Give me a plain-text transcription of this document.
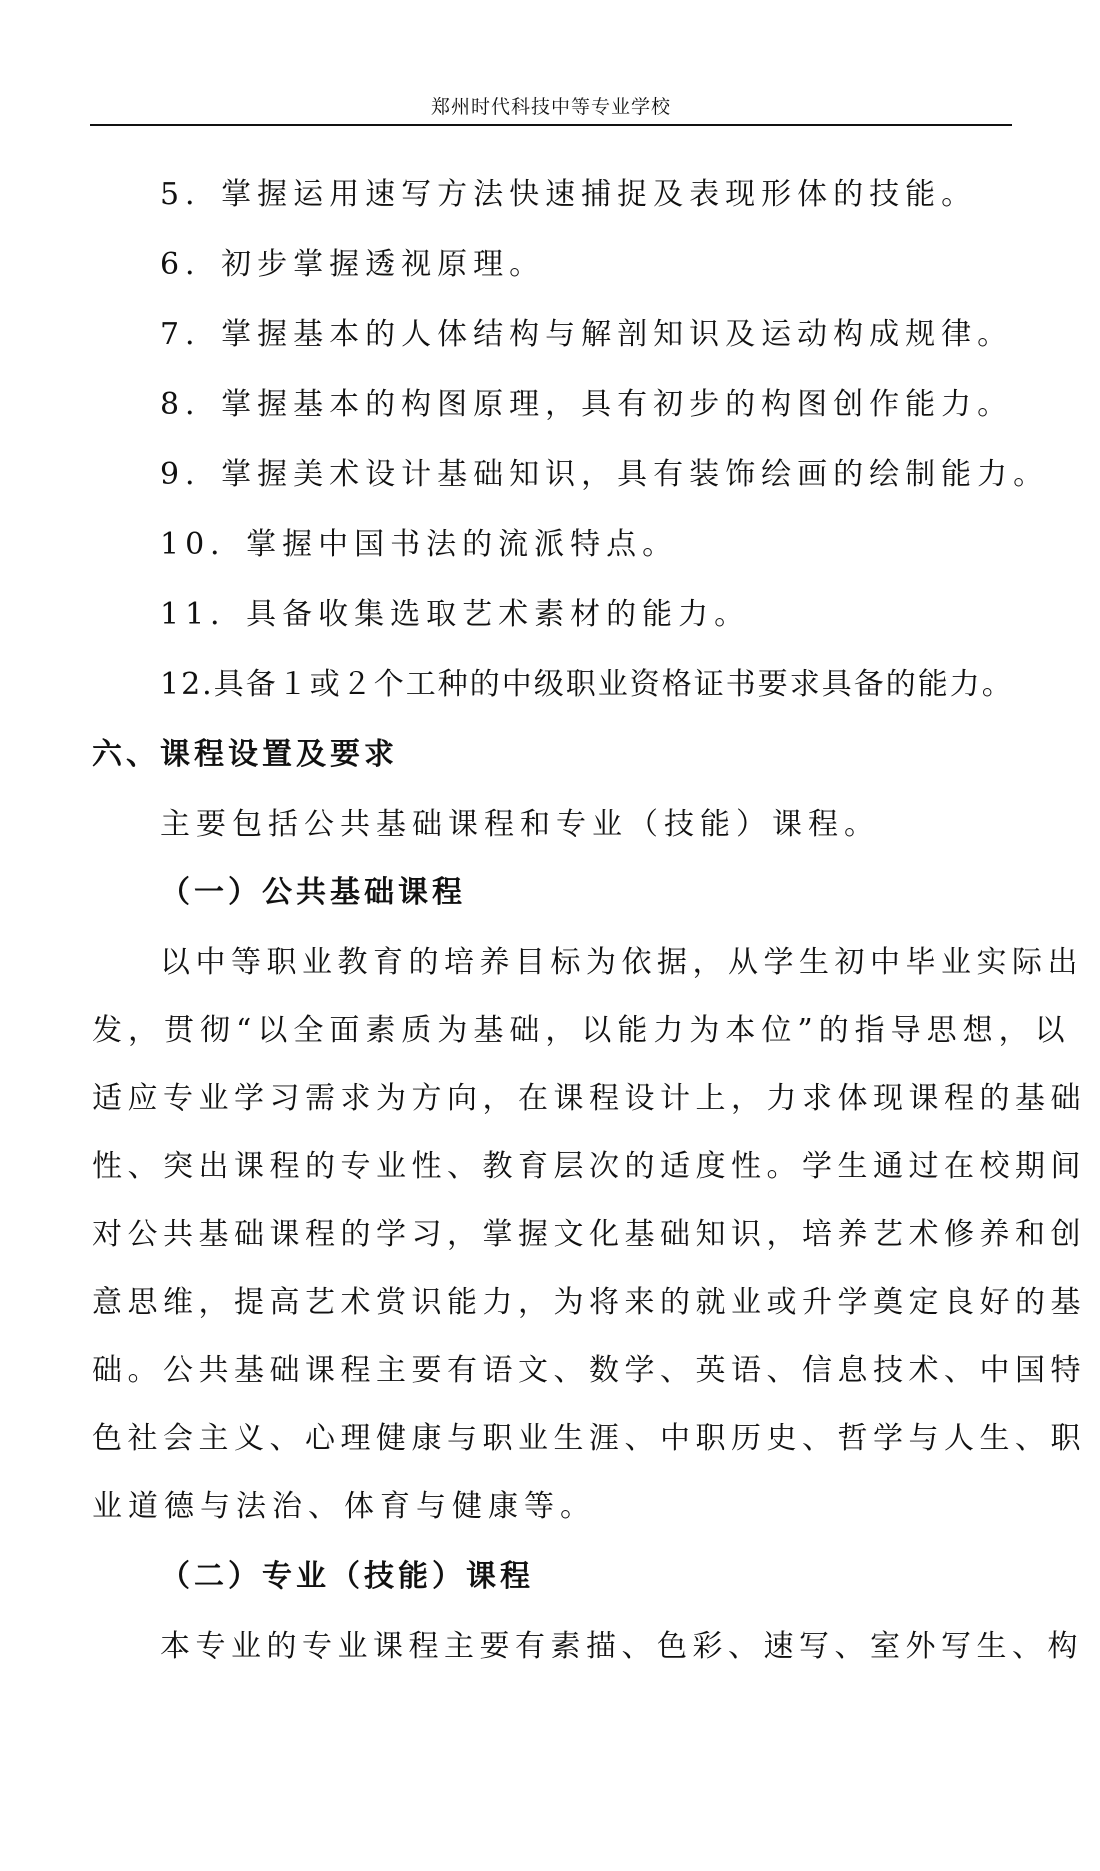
郑州时代科技中等专业学校
5．掌握运用速写方法快速捕捉及表现形体的技能。
6．初步掌握透视原理。
7．掌握基本的人体结构与解剖知识及运动构成规律。
8．掌握基本的构图原理，具有初步的构图创作能力。
9．掌握美术设计基础知识，具有装饰绘画的绘制能力。
10．掌握中国书法的流派特点。
11．具备收集选取艺术素材的能力。
12.具备１或２个工种的中级职业资格证书要求具备的能力。
六、课程设置及要求
主要包括公共基础课程和专业（技能）课程。
（一）公共基础课程
以中等职业教育的培养目标为依据，从学生初中毕业实际出
发，贯彻“以全面素质为基础，以能力为本位”的指导思想，以
适应专业学习需求为方向，在课程设计上，力求体现课程的基础
性、突出课程的专业性、教育层次的适度性。学生通过在校期间
对公共基础课程的学习，掌握文化基础知识，培养艺术修养和创
意思维，提高艺术赏识能力，为将来的就业或升学奠定良好的基
础。公共基础课程主要有语文、数学、英语、信息技术、中国特
色社会主义、心理健康与职业生涯、中职历史、哲学与人生、职
业道德与法治、体育与健康等。
（二）专业（技能）课程
本专业的专业课程主要有素描、色彩、速写、室外写生、构
